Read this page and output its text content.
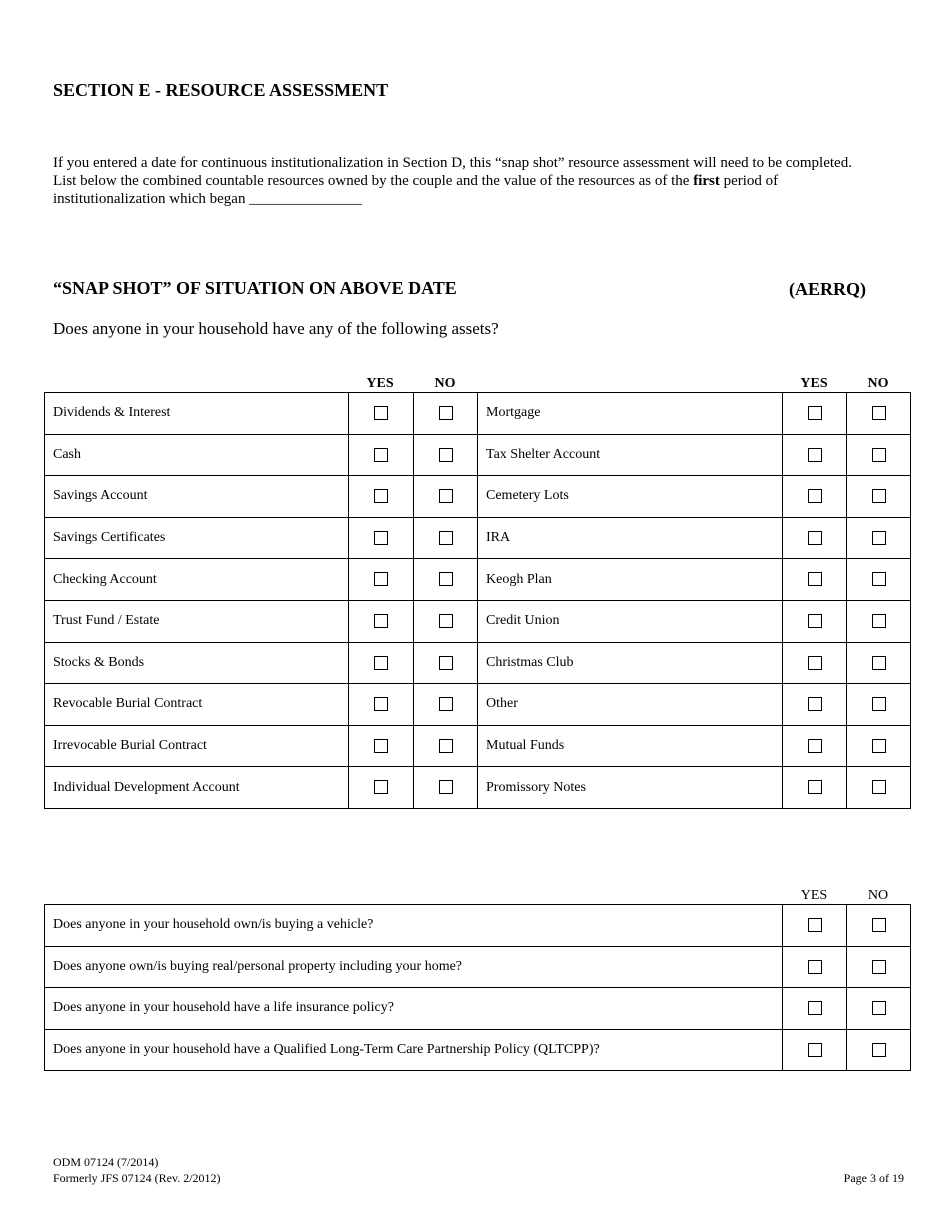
SECTION E - RESOURCE ASSESSMENT
If you entered a date for continuous institutionalization in Section D, this “snap shot” resource assessment will need to be completed.
List below the combined countable resources owned by the couple and the value of the resources as of the first period of
institutionalization which began _______________
“SNAP SHOT” OF SITUATION ON ABOVE DATE	(AERRQ)
Does anyone in your household have any of the following assets?
YES	NO	YES	NO
Dividends & Interest			Mortgage		
Cash			Tax Shelter Account		
Savings Account			Cemetery Lots		
Savings Certificates			IRA		
Checking Account			Keogh Plan		
Trust Fund / Estate			Credit Union		
Stocks & Bonds			Christmas Club		
Revocable Burial Contract			Other		
Irrevocable Burial Contract			Mutual Funds		
Individual Development Account			Promissory Notes		
YES	NO
Does anyone in your household own/is buying a vehicle?		
Does anyone own/is buying real/personal property including your home?		
Does anyone in your household have a life insurance policy?		
Does anyone in your household have a Qualified Long-Term Care Partnership Policy (QLTCPP)?		
ODM 07124 (7/2014)
Formerly JFS 07124 (Rev. 2/2012)	Page 3 of 19
